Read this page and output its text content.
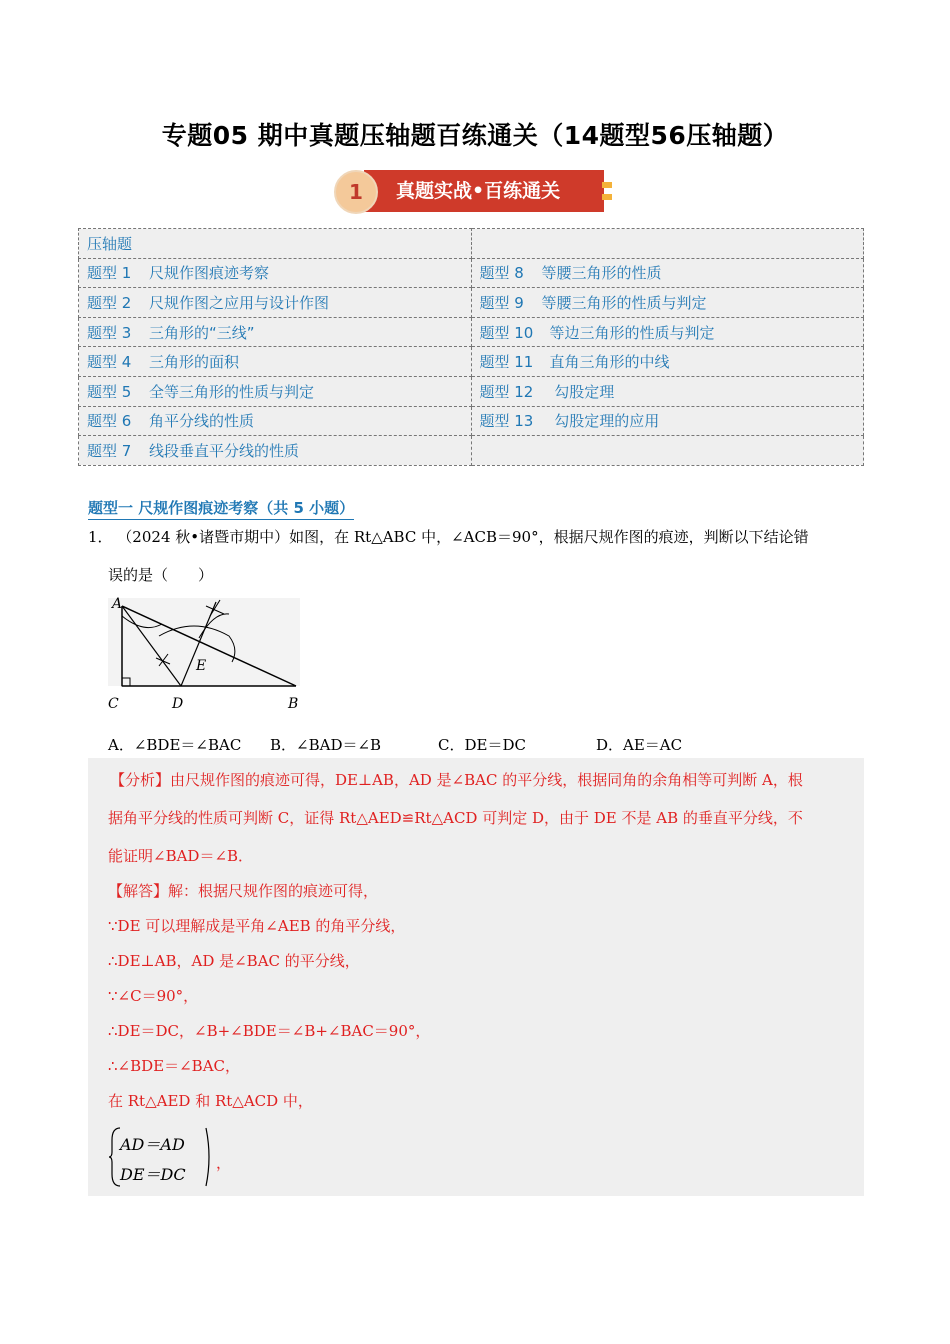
专题05 期中真题压轴题百练通关（14题型56压轴题）
真题实战•百练通关
1
压轴题	
题型 1 尺规作图痕迹考察	题型 8 等腰三角形的性质
题型 2 尺规作图之应用与设计作图	题型 9 等腰三角形的性质与判定
题型 3 三角形的“三线”	题型 10 等边三角形的性质与判定
题型 4 三角形的面积	题型 11 直角三角形的中线
题型 5 全等三角形的性质与判定	题型 12 勾股定理
题型 6 角平分线的性质	题型 13 勾股定理的应用
题型 7 线段垂直平分线的性质	
题型一 尺规作图痕迹考察（共 5 小题）
1． （2024 秋•诸暨市期中）如图，在 Rt△ABC 中，∠ACB＝90°，根据尺规作图的痕迹，判断以下结论错
误的是（　　）
A
C	D	B
E
A．∠BDE＝∠BAC B．∠BAD＝∠B	C．DE＝DC	D．AE＝AC
【分析】由尺规作图的痕迹可得，DE⊥AB，AD 是∠BAC 的平分线，根据同角的余角相等可判断 A，根
据角平分线的性质可判断 C，证得 Rt△AED≌Rt△ACD 可判定 D，由于 DE 不是 AB 的垂直平分线，不
能证明∠BAD＝∠B．
【解答】解：根据尺规作图的痕迹可得，
∵DE 可以理解成是平角∠AEB 的角平分线，
∴DE⊥AB，AD 是∠BAC 的平分线，
∵∠C＝90°，
∴DE＝DC，∠B+∠BDE＝∠B+∠BAC＝90°，
∴∠BDE＝∠BAC，
在 Rt△AED 和 Rt△ACD 中，
AD＝AD
DE＝DC
，
